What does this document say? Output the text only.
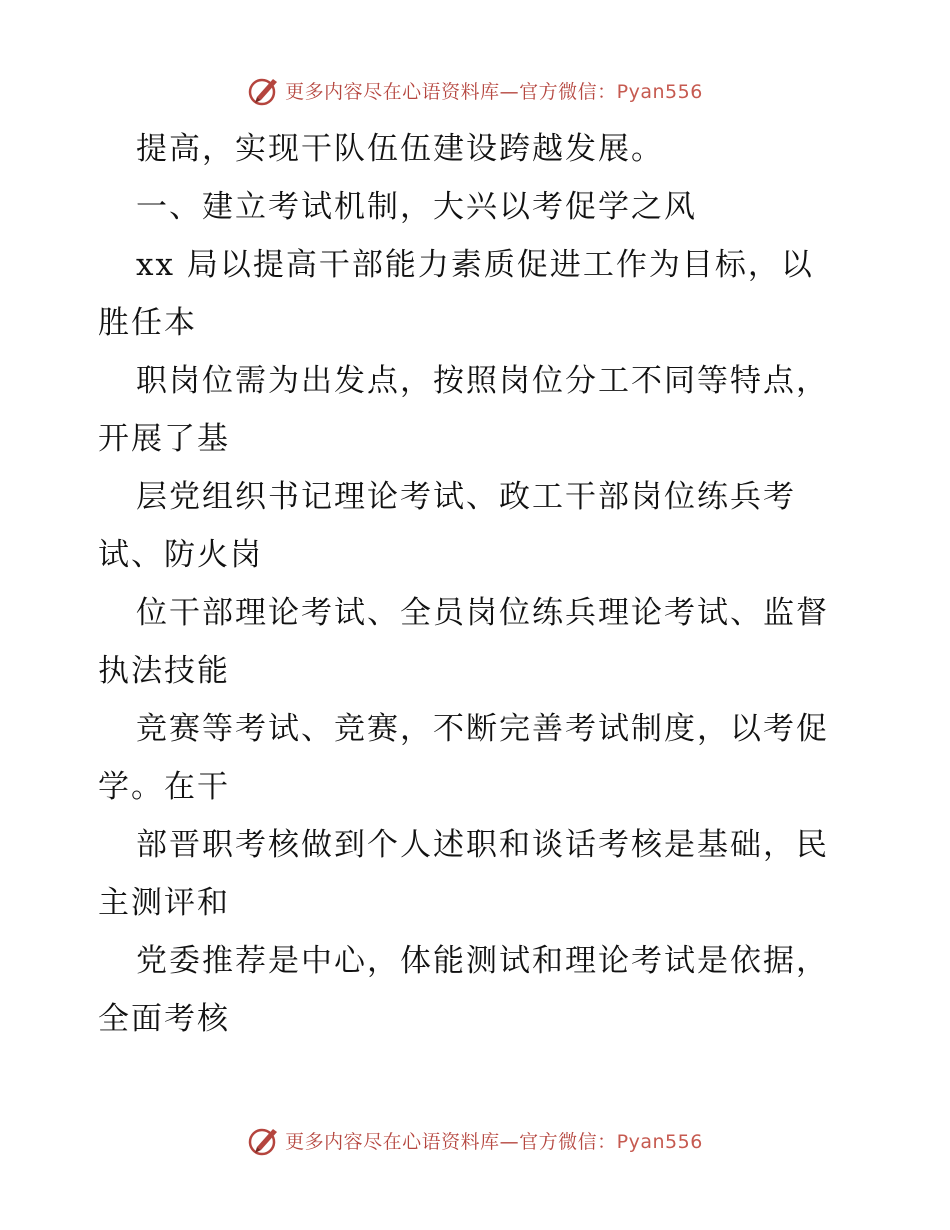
更多内容尽在心语资料库—官方微信：Pyan556
提高，实现干队伍伍建设跨越发展。
一、建立考试机制，大兴以考促学之风
xx 局以提高干部能力素质促进工作为目标，以
胜任本
职岗位需为出发点，按照岗位分工不同等特点，
开展了基
层党组织书记理论考试、政工干部岗位练兵考
试、防火岗
位干部理论考试、全员岗位练兵理论考试、监督
执法技能
竞赛等考试、竞赛，不断完善考试制度，以考促
学。在干
部晋职考核做到个人述职和谈话考核是基础，民
主测评和
党委推荐是中心，体能测试和理论考试是依据，
全面考核
更多内容尽在心语资料库—官方微信：Pyan556
